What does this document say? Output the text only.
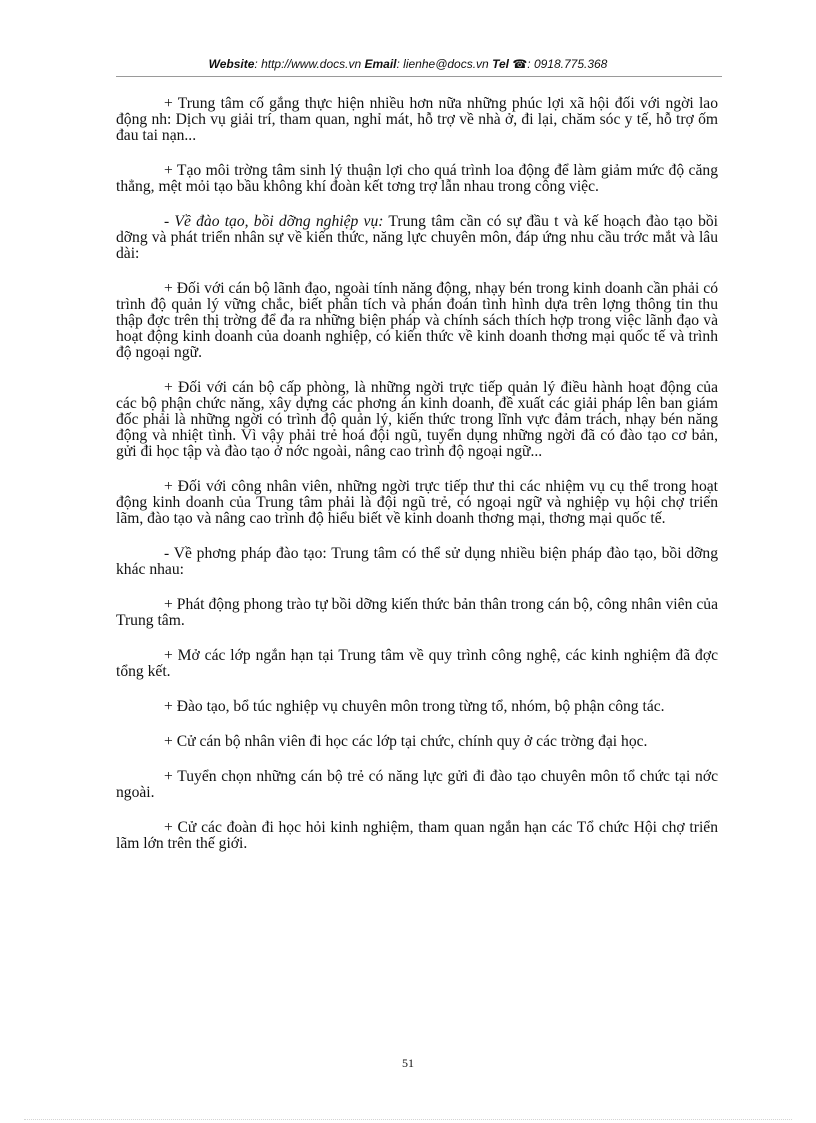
Website: http://www.docs.vn Email: lienhe@docs.vn Tel ☎: 0918.775.368

+ Trung tâm cố gắng thực hiện nhiều hơn nữa những phúc lợi xã hội đối với ngời lao động nh: Dịch vụ giải trí, tham quan, nghỉ mát, hỗ trợ về nhà ở, đi lại, chăm sóc y tế, hỗ trợ ốm đau tai nạn...

+ Tạo môi trờng tâm sinh lý thuận lợi cho quá trình loa động để làm giảm mức độ căng thẳng, mệt mỏi tạo bầu không khí đoàn kết tơng trợ lẫn nhau trong công việc.

- Về đào tạo, bồi dỡng nghiệp vụ: Trung tâm cần có sự đầu t và kế hoạch đào tạo bồi dỡng và phát triển nhân sự về kiến thức, năng lực chuyên môn, đáp ứng nhu cầu trớc mắt và lâu dài:

+ Đối với cán bộ lãnh đạo, ngoài tính năng động, nhạy bén trong kinh doanh cần phải có trình độ quản lý vững chắc, biết phân tích và phán đoán tình hình dựa trên lợng thông tin thu thập đợc trên thị trờng để đa ra những biện pháp và chính sách thích hợp trong việc lãnh đạo và hoạt động kinh doanh của doanh nghiệp, có kiến thức về kinh doanh thơng mại quốc tế và trình độ ngoại ngữ.

+ Đối với cán bộ cấp phòng, là những ngời trực tiếp quản lý điều hành hoạt động của các bộ phận chức năng, xây dựng các phơng án kinh doanh, đề xuất các giải pháp lên ban giám đốc phải là những ngời có trình độ quản lý, kiến thức trong lĩnh vực đảm trách, nhạy bén năng động và nhiệt tình. Vì vậy phải trẻ hoá đội ngũ, tuyển dụng những ngời đã có đào tạo cơ bản, gửi đi học tập và đào tạo ở nớc ngoài, nâng cao trình độ ngoại ngữ...

+ Đối với công nhân viên, những ngời trực tiếp thư thi các nhiệm vụ cụ thể trong hoạt động kinh doanh của Trung tâm phải là đội ngũ trẻ, có ngoại ngữ và nghiệp vụ hội chợ triển lãm, đào tạo và nâng cao trình độ hiểu biết về kinh doanh thơng mại, thơng mại quốc tế.

- Về phơng pháp đào tạo: Trung tâm có thể sử dụng nhiều biện pháp đào tạo, bồi dỡng khác nhau:

+ Phát động phong trào tự bồi dỡng kiến thức bản thân trong cán bộ, công nhân viên của Trung tâm.

+ Mở các lớp ngắn hạn tại Trung tâm về quy trình công nghệ, các kinh nghiệm đã đợc tổng kết.

+ Đào tạo, bổ túc nghiệp vụ chuyên môn trong từng tổ, nhóm, bộ phận công tác.

+ Cử cán bộ nhân viên đi học các lớp tại chức, chính quy ở các trờng đại học.

+ Tuyển chọn những cán bộ trẻ có năng lực gửi đi đào tạo chuyên môn tổ chức tại nớc ngoài.

+ Cử các đoàn đi học hỏi kinh nghiệm, tham quan ngắn hạn các Tổ chức Hội chợ triển lãm lớn trên thế giới.

51
